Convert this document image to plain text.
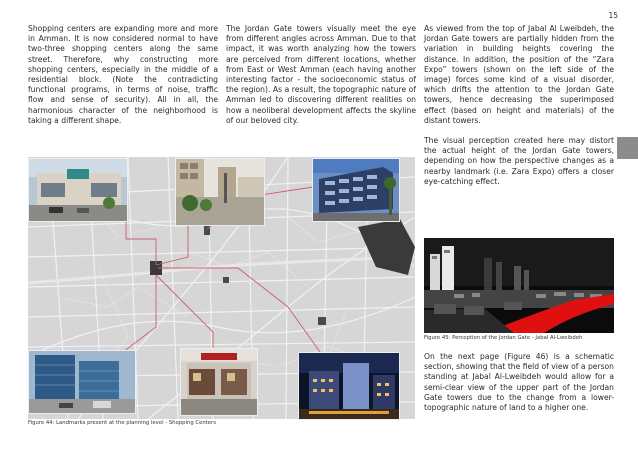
15

Shopping centers are expanding more and more in Amman. It is now considered normal to have two-three shopping centers along the same street. Therefore, why constructing more shopping centers, especially in the middle of a residential block. (Note the contradicting functional programs, in terms of noise, traffic flow and sense of security). All in all, the harmonious character of the neighborhood is taking a different shape.

The Jordan Gate towers visually meet the eye from different angles across Amman. Due to that impact, it was worth analyzing how the towers are perceived from different locations, whether from East or West Amman (each having another interesting factor - the socioeconomic status of the region). As a result, the topographic nature of Amman led to discovering different realities on how a neoliberal development affects the skyline of our beloved city.

As viewed from the top of Jabal Al Lweibdeh, the Jordan Gate towers are partially hidden from the variation in building heights covering the distance. In addition, the position of the “Zara Expo” towers (shown on the left side of the image) forces some kind of a visual disorder, which drifts the attention to the Jordan Gate towers, hence decreasing the superimposed effect (based on height and materials) of the distant towers.

The visual perception created here may distort the actual height of the Jordan Gate towers, depending on how the perspective changes as a nearby landmark (i.e. Zara Expo) offers a closer eye-catching effect.

Figure 44: Landmarks present at the planning level - Shopping Centers
Figure 45: Perception of the Jordan Gate - Jabal Al-Lweibdeh

On the next page (Figure 46) is a schematic section, showing that the field of view of a person standing at Jabal Al-Lweibdeh would allow for a semi-clear view of the upper part of the Jordan Gate towers due to the change from a lower-topographic nature of land to a higher one.
